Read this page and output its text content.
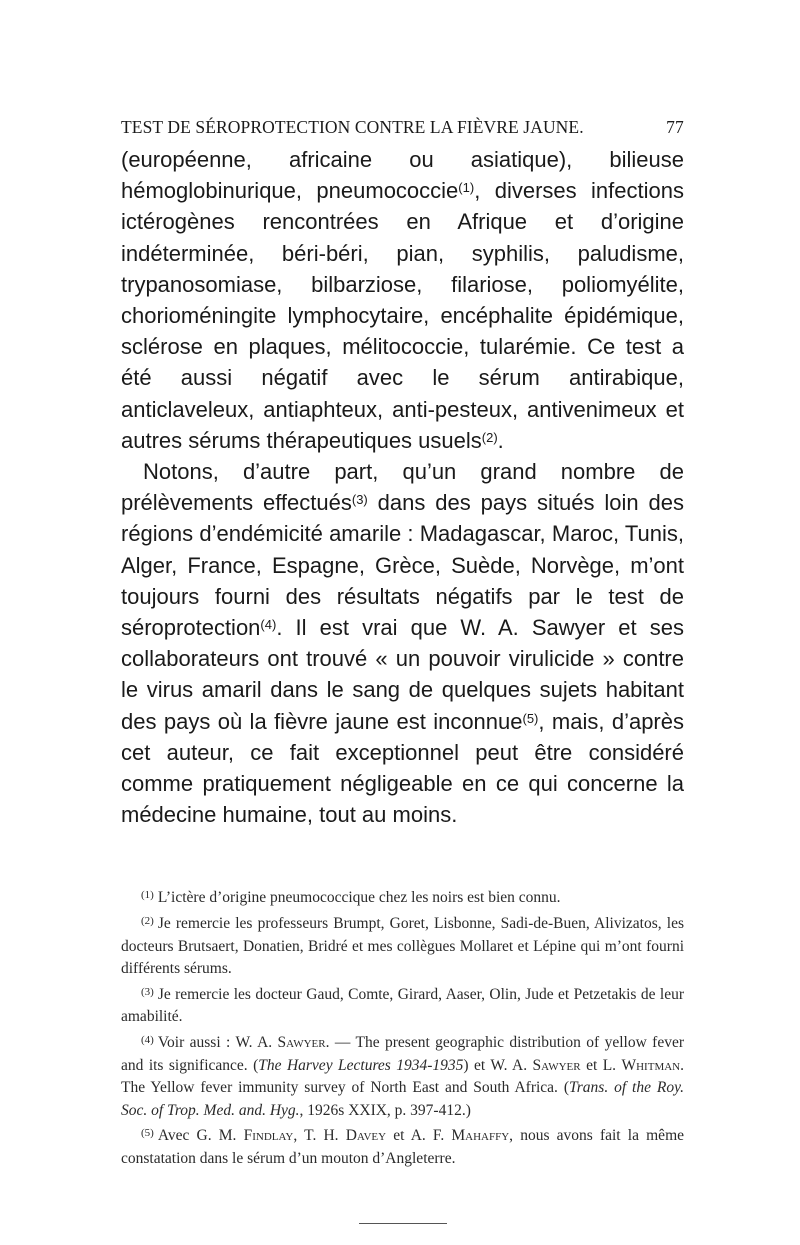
TEST DE SÉROPROTECTION CONTRE LA FIÈVRE JAUNE.	77

(européenne, africaine ou asiatique), bilieuse hémoglobinurique, pneumococcie$^{(1)}$, diverses infections ictérogènes rencontrées en Afrique et d’origine indéterminée, béri-béri, pian, syphilis, paludisme, trypanosomiase, bilbarziose, filariose, poliomyélite, chorioméningite lymphocytaire, encéphalite épidémique, sclérose en plaques, mélitococcie, tularémie. Ce test a été aussi négatif avec le sérum antirabique, anticlaveleux, antiaphteux, anti-pesteux, antivenimeux et autres sérums thérapeutiques usuels$^{(2)}$.

Notons, d’autre part, qu’un grand nombre de prélèvements effectués$^{(3)}$ dans des pays situés loin des régions d’endémicité amarile : Madagascar, Maroc, Tunis, Alger, France, Espagne, Grèce, Suède, Norvège, m’ont toujours fourni des résultats négatifs par le test de séroprotection$^{(4)}$. Il est vrai que W. A. Sawyer et ses collaborateurs ont trouvé « un pouvoir virulicide » contre le virus amaril dans le sang de quelques sujets habitant des pays où la fièvre jaune est inconnue$^{(5)}$, mais, d’après cet auteur, ce fait exceptionnel peut être considéré comme pratiquement négligeable en ce qui concerne la médecine humaine, tout au moins.

$^{(1)}$ L’ictère d’origine pneumococcique chez les noirs est bien connu.

$^{(2)}$ Je remercie les professeurs Brumpt, Goret, Lisbonne, Sadi-de-Buen, Alivizatos, les docteurs Brutsaert, Donatien, Bridré et mes collègues Mollaret et Lépine qui m’ont fourni différents sérums.

$^{(3)}$ Je remercie les docteur Gaud, Comte, Girard, Aaser, Olin, Jude et Petzetakis de leur amabilité.

$^{(4)}$ Voir aussi : W. A. Sawyer. — The present geographic distribution of yellow fever and its significance. (The Harvey Lectures 1934-1935) et W. A. Sawyer et L. Whitman. The Yellow fever immunity survey of North East and South Africa. (Trans. of the Roy. Soc. of Trop. Med. and. Hyg., 1926s XXIX, p. 397-412.)

$^{(5)}$ Avec G. M. Findlay, T. H. Davey et A. F. Mahaffy, nous avons fait la même constatation dans le sérum d’un mouton d’Angleterre.
